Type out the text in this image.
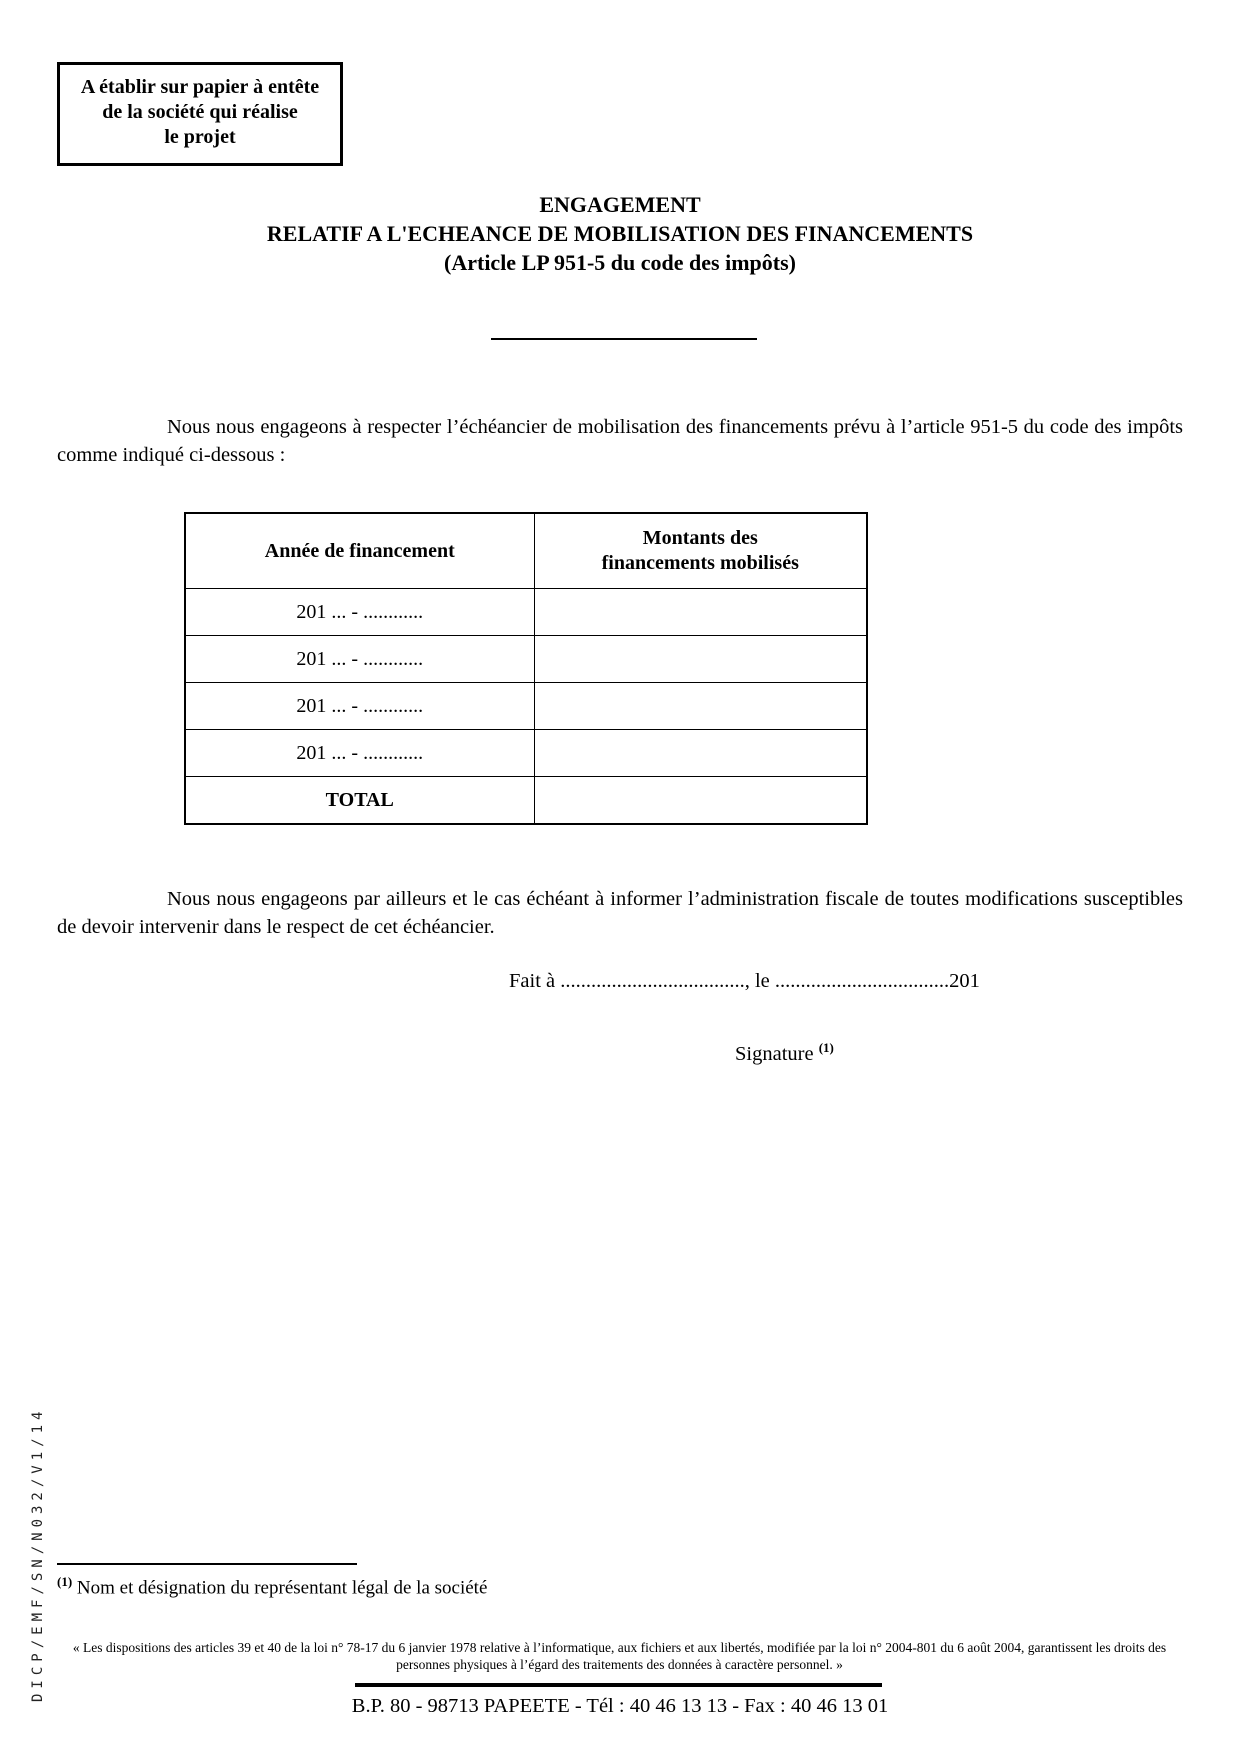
A établir sur papier à entête
de la société qui réalise
le projet
ENGAGEMENT
RELATIF A L'ECHEANCE DE MOBILISATION DES FINANCEMENTS
(Article LP 951-5 du code des impôts)

Nous nous engageons à respecter l’échéancier de mobilisation des financements prévu à l’article 951-5 du code des impôts comme indiqué ci-dessous :

Année de financement	Montants des
financements mobilisés

201 ... - ............	
201 ... - ............	
201 ... - ............	
201 ... - ............	
TOTAL	

Nous nous engageons par ailleurs et le cas échéant à informer l’administration fiscale de toutes modifications susceptibles de devoir intervenir dans le respect de cet échéancier.

Fait à ...................................., le ..................................201
Signature $^{(1)}$
$^{(1)}$ Nom et désignation du représentant légal de la société
« Les dispositions des articles 39 et 40 de la loi n° 78-17 du 6 janvier 1978 relative à l’informatique, aux fichiers et aux libertés, modifiée par la loi n° 2004-801 du 6 août 2004, garantissent les droits des personnes physiques à l’égard des traitements des données à caractère personnel. »
B.P. 80 - 98713 PAPEETE - Tél : 40 46 13 13 - Fax : 40 46 13 01
DICP/EMF/SN/N032/V1/14
